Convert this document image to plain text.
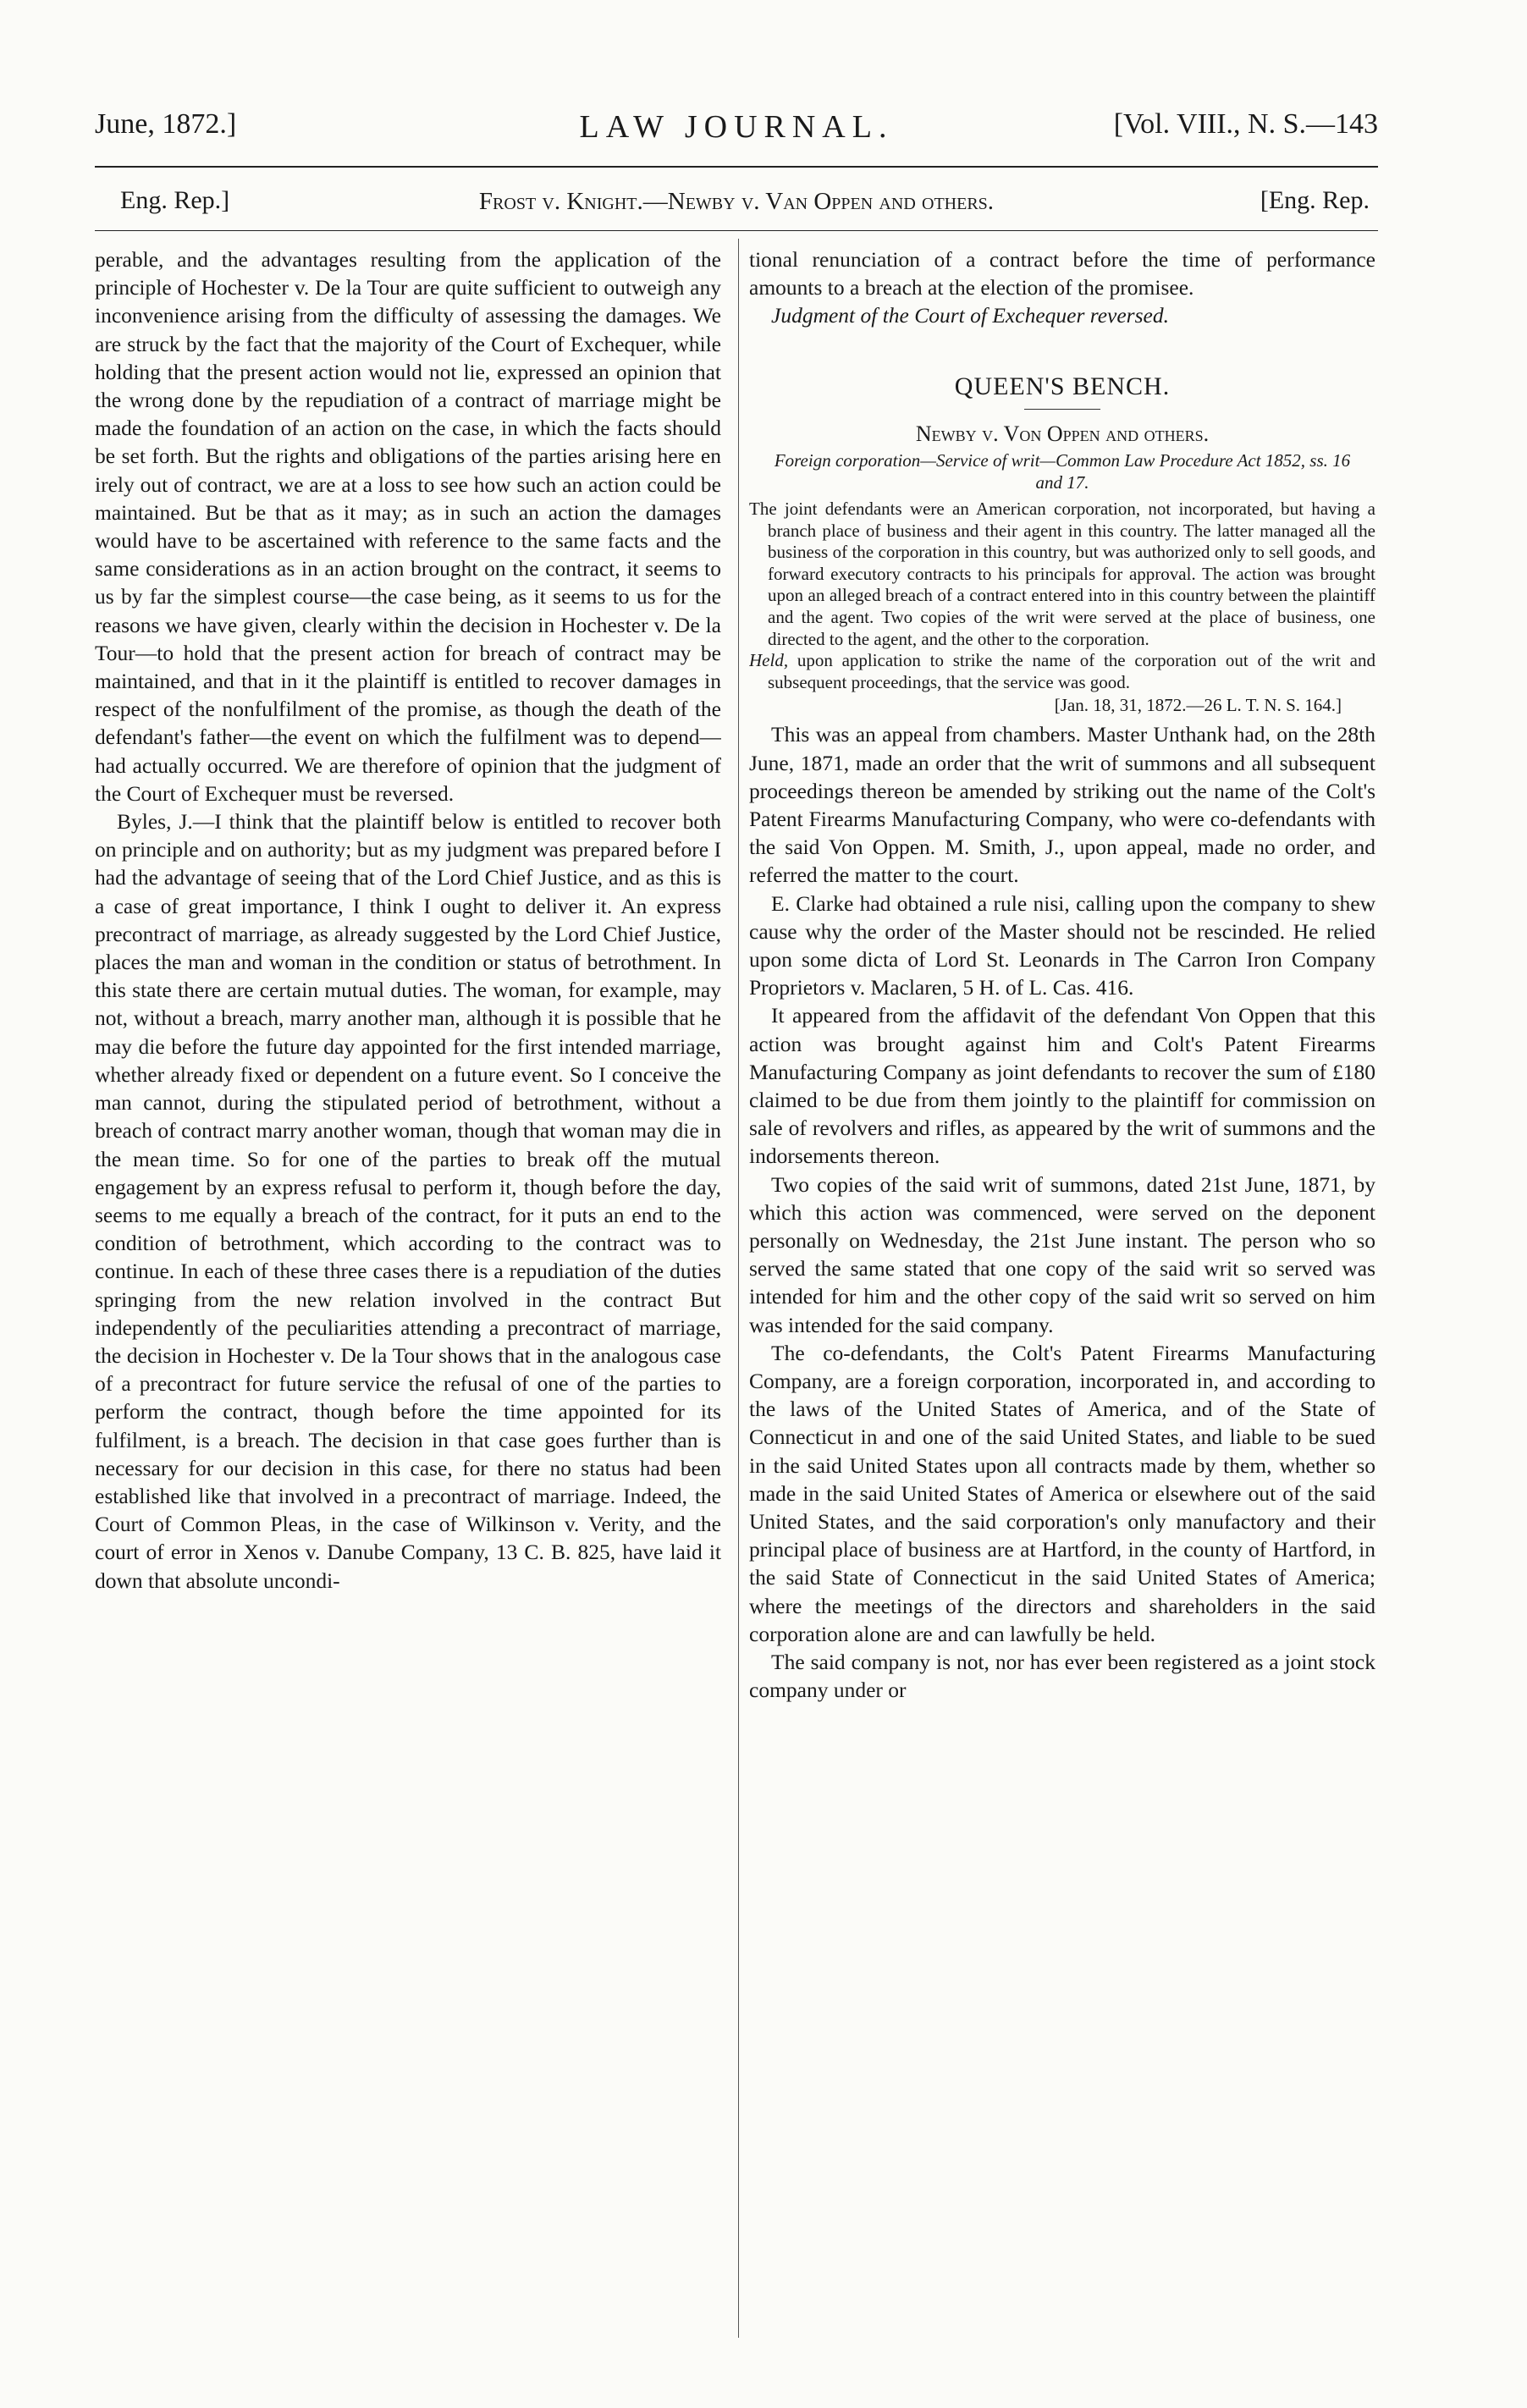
June, 1872.]	LAW JOURNAL.	[Vol. VIII., N. S.—143
Eng. Rep.]	Frost v. Knight.—Newby v. Van Oppen and others.	[Eng. Rep.

perable, and the advantages resulting from the application of the principle of Hochester v. De la Tour are quite sufficient to outweigh any inconvenience arising from the difficulty of assessing the damages. We are struck by the fact that the majority of the Court of Exchequer, while holding that the present action would not lie, expressed an opinion that the wrong done by the repudiation of a contract of marriage might be made the foundation of an action on the case, in which the facts should be set forth. But the rights and obligations of the parties arising here en irely out of contract, we are at a loss to see how such an action could be maintained. But be that as it may; as in such an action the damages would have to be ascertained with reference to the same facts and the same considerations as in an action brought on the contract, it seems to us by far the simplest course—the case being, as it seems to us for the reasons we have given, clearly within the decision in Hochester v. De la Tour—to hold that the present action for breach of contract may be maintained, and that in it the plaintiff is entitled to recover damages in respect of the nonfulfilment of the promise, as though the death of the defendant's father—the event on which the fulfilment was to depend—had actually occurred. We are therefore of opinion that the judgment of the Court of Exchequer must be reversed.

Byles, J.—I think that the plaintiff below is entitled to recover both on principle and on authority; but as my judgment was prepared before I had the advantage of seeing that of the Lord Chief Justice, and as this is a case of great importance, I think I ought to deliver it. An express precontract of marriage, as already suggested by the Lord Chief Justice, places the man and woman in the condition or status of betrothment. In this state there are certain mutual duties. The woman, for example, may not, without a breach, marry another man, although it is possible that he may die before the future day appointed for the first intended marriage, whether already fixed or dependent on a future event. So I conceive the man cannot, during the stipulated period of betrothment, without a breach of contract marry another woman, though that woman may die in the mean time. So for one of the parties to break off the mutual engagement by an express refusal to perform it, though before the day, seems to me equally a breach of the contract, for it puts an end to the condition of betrothment, which according to the contract was to continue. In each of these three cases there is a repudiation of the duties springing from the new relation involved in the contract But independently of the peculiarities attending a precontract of marriage, the decision in Hochester v. De la Tour shows that in the analogous case of a precontract for future service the refusal of one of the parties to perform the contract, though before the time appointed for its fulfilment, is a breach. The decision in that case goes further than is necessary for our decision in this case, for there no status had been established like that involved in a precontract of marriage. Indeed, the Court of Common Pleas, in the case of Wilkinson v. Verity, and the court of error in Xenos v. Danube Company, 13 C. B. 825, have laid it down that absolute uncondi-

tional renunciation of a contract before the time of performance amounts to a breach at the election of the promisee.

Judgment of the Court of Exchequer reversed.

QUEEN'S BENCH.
Newby v. Von Oppen and others.
Foreign corporation—Service of writ—Common Law Procedure Act 1852, ss. 16 and 17.

The joint defendants were an American corporation, not incorporated, but having a branch place of business and their agent in this country. The latter managed all the business of the corporation in this country, but was authorized only to sell goods, and forward executory contracts to his principals for approval. The action was brought upon an alleged breach of a contract entered into in this country between the plaintiff and the agent. Two copies of the writ were served at the place of business, one directed to the agent, and the other to the corporation.

Held, upon application to strike the name of the corporation out of the writ and subsequent proceedings, that the service was good.

[Jan. 18, 31, 1872.—26 L. T. N. S. 164.]

This was an appeal from chambers. Master Unthank had, on the 28th June, 1871, made an order that the writ of summons and all subsequent proceedings thereon be amended by striking out the name of the Colt's Patent Firearms Manufacturing Company, who were co-defendants with the said Von Oppen. M. Smith, J., upon appeal, made no order, and referred the matter to the court.

E. Clarke had obtained a rule nisi, calling upon the company to shew cause why the order of the Master should not be rescinded. He relied upon some dicta of Lord St. Leonards in The Carron Iron Company Proprietors v. Maclaren, 5 H. of L. Cas. 416.

It appeared from the affidavit of the defendant Von Oppen that this action was brought against him and Colt's Patent Firearms Manufacturing Company as joint defendants to recover the sum of £180 claimed to be due from them jointly to the plaintiff for commission on sale of revolvers and rifles, as appeared by the writ of summons and the indorsements thereon.

Two copies of the said writ of summons, dated 21st June, 1871, by which this action was commenced, were served on the deponent personally on Wednesday, the 21st June instant. The person who so served the same stated that one copy of the said writ so served was intended for him and the other copy of the said writ so served on him was intended for the said company.

The co-defendants, the Colt's Patent Firearms Manufacturing Company, are a foreign corporation, incorporated in, and according to the laws of the United States of America, and of the State of Connecticut in and one of the said United States, and liable to be sued in the said United States upon all contracts made by them, whether so made in the said United States of America or elsewhere out of the said United States, and the said corporation's only manufactory and their principal place of business are at Hartford, in the county of Hartford, in the said State of Connecticut in the said United States of America; where the meetings of the directors and shareholders in the said corporation alone are and can lawfully be held.

The said company is not, nor has ever been registered as a joint stock company under or
